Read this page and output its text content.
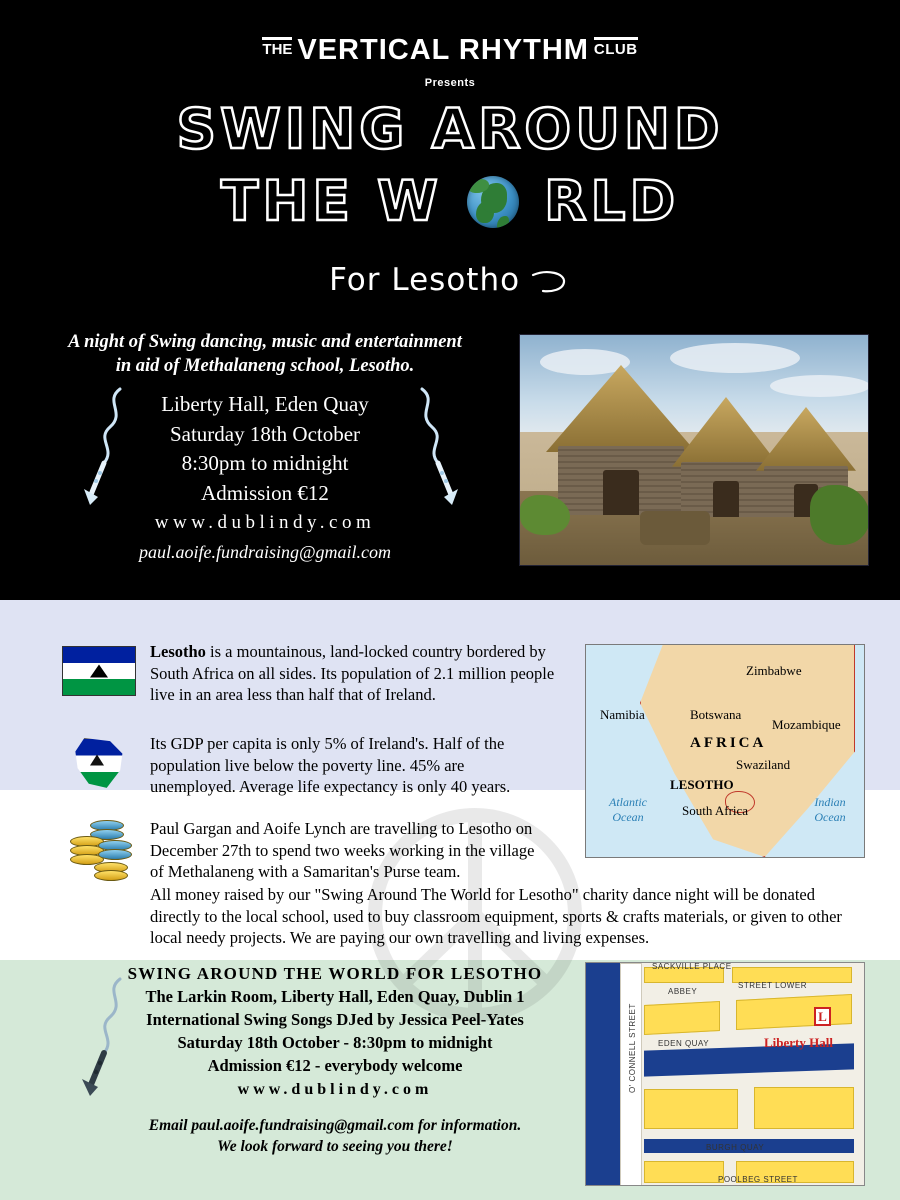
THE VERTICAL RHYTHM CLUB
Presents
SWING AROUND
THE W RLD
For Lesotho
A night of Swing dancing, music and entertainment
in aid of Methalaneng school, Lesotho.
Liberty Hall, Eden Quay
Saturday 18th October
8:30pm to midnight
Admission €12
www.dublindy.com
paul.aoife.fundraising@gmail.com

Lesotho is a mountainous, land-locked country bordered by South Africa on all sides. Its population of 2.1 million people live in an area less than half that of Ireland.

Its GDP per capita is only 5% of Ireland's. Half of the population live below the poverty line. 45% are unemployed. Average life expectancy is only 40 years.

Paul Gargan and Aoife Lynch are travelling to Lesotho on December 27th to spend two weeks working in the village of Methalaneng with a Samaritan's Purse team.

All money raised by our "Swing Around The World for Lesotho" charity dance night will be donated directly to the local school, used to buy classroom equipment, sports & crafts materials, or given to other local needy projects. We are paying our own travelling and living expenses.

Zimbabwe
Namibia	Botswana
Mozambique
AFRICA
Swaziland
LESOTHO
South Africa
Atlantic Ocean
Indian Ocean
SWING AROUND THE WORLD FOR LESOTHO
The Larkin Room, Liberty Hall, Eden Quay, Dublin 1
International Swing Songs DJed by Jessica Peel-Yates
Saturday 18th October - 8:30pm to midnight
Admission €12 - everybody welcome
www.dublindy.com
Email paul.aoife.fundraising@gmail.com for information.
We look forward to seeing you there!
SACKVILLE PLACE
ABBEY
STREET LOWER
O' CONNELL STREET	EDEN QUAY
BURGH QUAY
POOLBEG STREET
L
Liberty Hall
